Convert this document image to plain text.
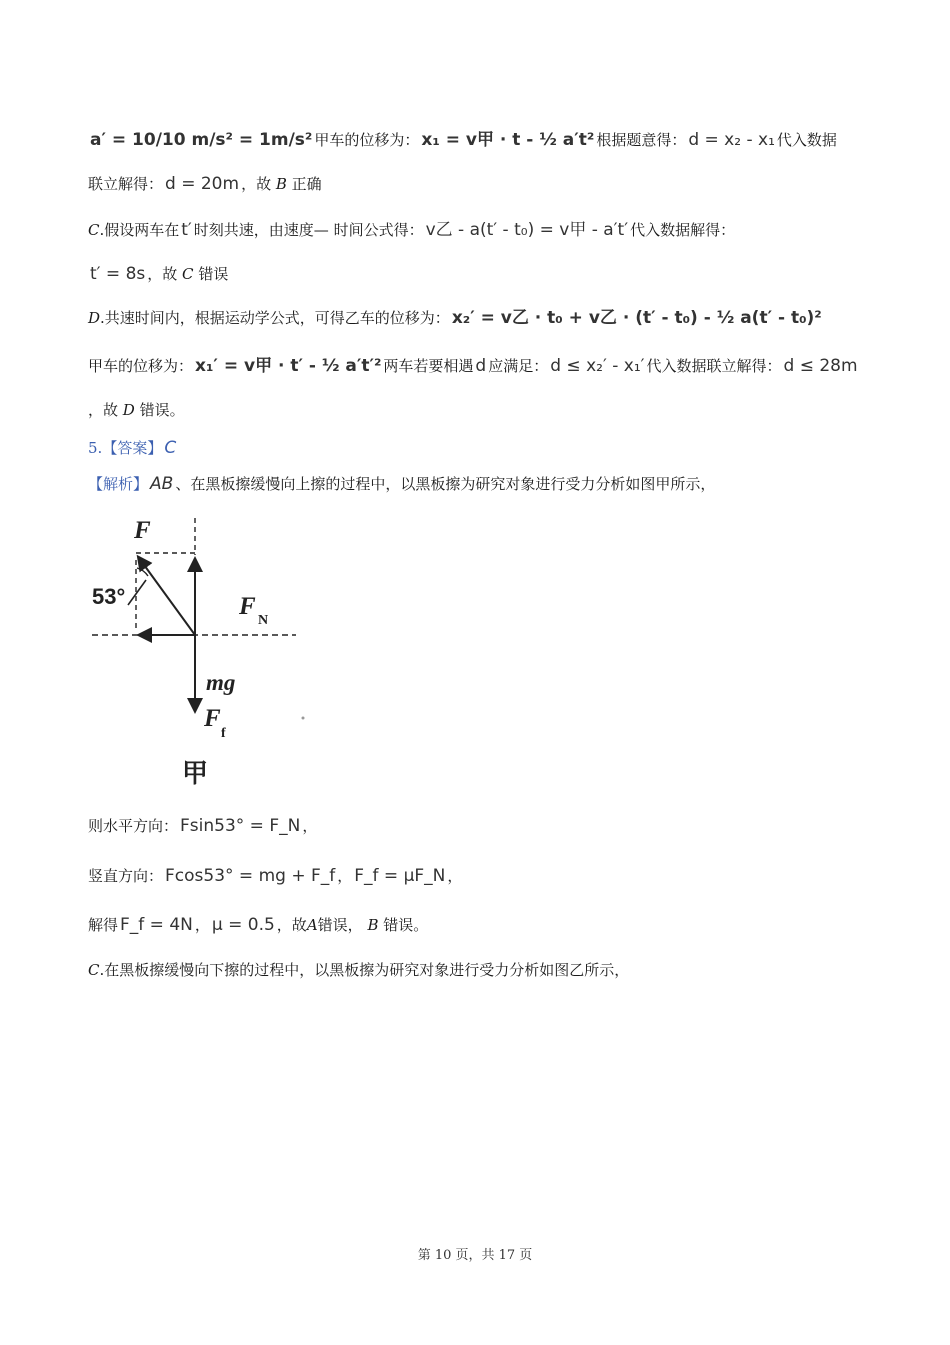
a′ = 10/10 m/s² = 1m/s² 甲车的位移为： x₁ = v甲 · t - ½ a′t² 根据题意得： d = x₂ - x₁ 代入数据
联立解得： d = 20m ，故 B 正确
C.假设两车在 t′ 时刻共速，由速度— 时间公式得： v乙 - a(t′ - t₀) = v甲 - a′t′ 代入数据解得：
t′ = 8s ，故 C 错误
D.共速时间内，根据运动学公式，可得乙车的位移为： x₂′ = v乙 · t₀ + v乙 · (t′ - t₀) - ½ a(t′ - t₀)²
甲车的位移为： x₁′ = v甲 · t′ - ½ a′t′² 两车若要相遇 d 应满足： d ≤ x₂′ - x₁′ 代入数据联立解得： d ≤ 28m
，故 D 错误。
5.【答案】 C
【解析】 AB 、在黑板擦缓慢向上擦的过程中，以黑板擦为研究对象进行受力分析如图甲所示，
F
53°	F
N
mg
F
f
甲
则水平方向： Fsin53° = F_N ，
竖直方向： Fcos53° = mg + F_f ， F_f = μF_N ，
解得 F_f = 4N ， μ = 0.5 ，故A错误， B 错误。
C.在黑板擦缓慢向下擦的过程中，以黑板擦为研究对象进行受力分析如图乙所示，
第 10 页，共 17 页
